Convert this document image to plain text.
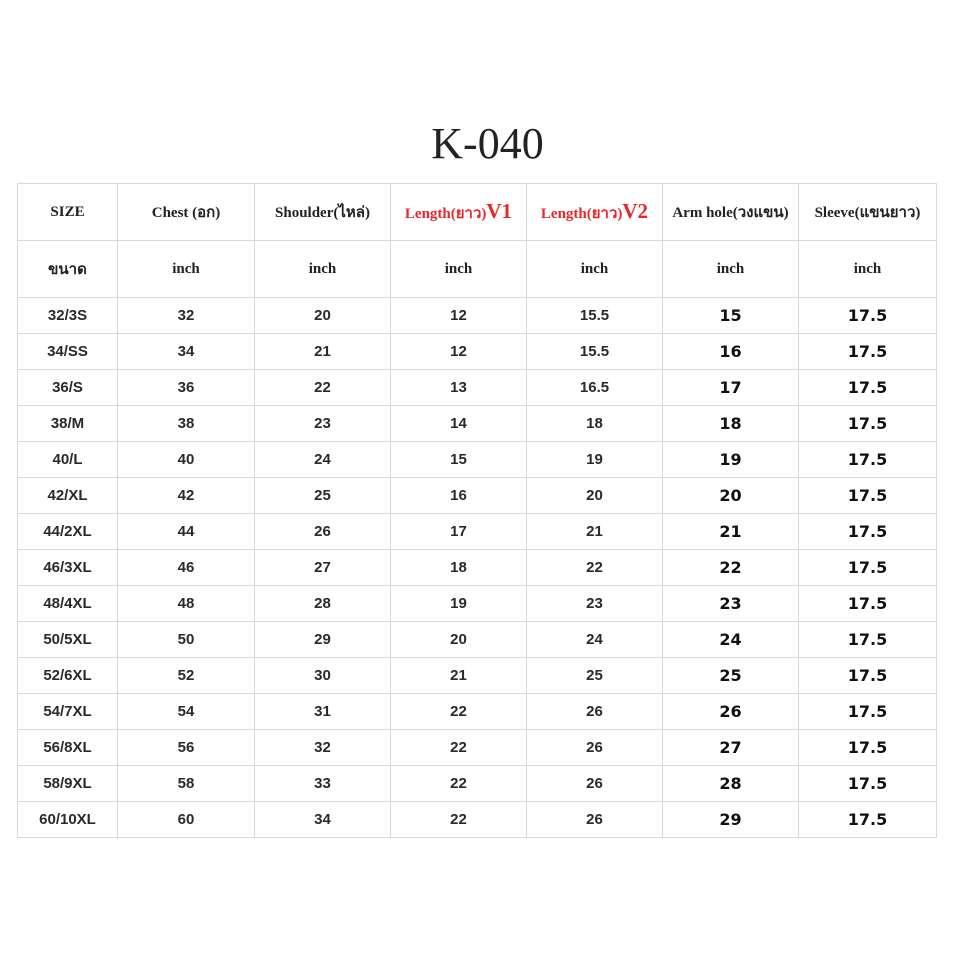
K-040
SIZE	Chest (อก)	Shoulder(ไหล่)	Length(ยาว)V1	Length(ยาว)V2	Arm hole(วงแขน)	Sleeve(แขนยาว)
ขนาด	inch	inch	inch	inch	inch	inch
32/3S	32	20	12	15.5	15	17.5
34/SS	34	21	12	15.5	16	17.5
36/S	36	22	13	16.5	17	17.5
38/M	38	23	14	18	18	17.5
40/L	40	24	15	19	19	17.5
42/XL	42	25	16	20	20	17.5
44/2XL	44	26	17	21	21	17.5
46/3XL	46	27	18	22	22	17.5
48/4XL	48	28	19	23	23	17.5
50/5XL	50	29	20	24	24	17.5
52/6XL	52	30	21	25	25	17.5
54/7XL	54	31	22	26	26	17.5
56/8XL	56	32	22	26	27	17.5
58/9XL	58	33	22	26	28	17.5
60/10XL	60	34	22	26	29	17.5
